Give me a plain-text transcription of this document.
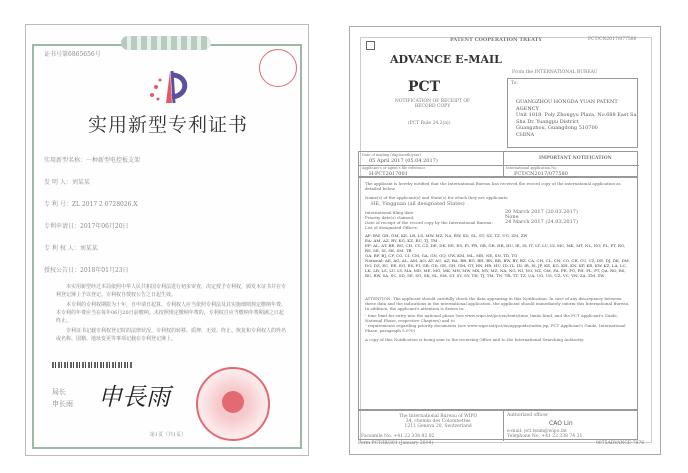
证书号第6865656号
实用新型专利证书
实用新型名称：一种新型电控板支架
发 明 人：刘某某
专 利 号：ZL 2017 2 0728026.X
专利申请日：2017年06月20日
专 利 权 人：刘某某
授权公告日：2018年01月23日
本实用新型经过本局依照中华人民共和国专利法进行初步审查，决定授予专利权，颁发本证书并在专利登记簿上予以登记。专利权自授权公告之日起生效。
本专利的专利权期限为十年，自申请日起算。专利权人应当依照专利法及其实施细则规定缴纳年费。本专利的年费应当在每年06月20日前缴纳。未按照规定缴纳年费的，专利权自应当缴纳年费期满之日起终止。
专利证书记载专利权登记时的法律状况。专利权的转移、质押、无效、终止、恢复和专利权人的姓名或名称、国籍、地址变更等事项记载在专利登记簿上。
局长
申长雨 申長雨
第1页（共1页）
PATENT COOPERATION TREATY	PCT/CN2017/077580
ADVANCE E-MAIL
From the INTERNATIONAL BUREAU
PCT
NOTIFICATION OF RECEIPT OF RECORD COPY
(PCT Rule 24.2(a))
To:
GUANGZHOU HONGDA YUAN PATENT AGENCY
Unit 1018, Poly Zhongyu Plaza, No.688 East Sa
Sha Dr. Yuangpu District
Guangzhou, Guangdong 510700
CHINA
Date of mailing (day/month/year)
05 April 2017 (05.04.2017)	IMPORTANT NOTIFICATION
Applicant's or agent's file reference
H-PCT2017001
International application No.
PCT/CN2017/077580
The applicant is hereby notified that the International Bureau has received the record copy of the international application as detailed below.
Name(s) of the applicant(s) and State(s) for which they are applicants:
HE, Yingguan (all designated States)
International filing date:	20 March 2017 (20.03.2017)
Priority date(s) claimed:	None
Date of receipt of the record copy by the International Bureau:	24 March 2017 (24.03.2017)
List of designated Offices:
AP: BW, GH, GM, KE, LR, LS, MW, MZ, NA, RW, SD, SL, ST, SZ, TZ, UG, ZM, ZW
EA: AM, AZ, BY, KG, KZ, RU, TJ, TM
EP: AL, AT, BE, BG, CH, CY, CZ, DE, DK, EE, ES, FI, FR, GB, GR, HR, HU, IE, IS, IT, LT, LU, LV, MC, MK, MT, NL, NO, PL, PT, RO, RS, SE, SI, SK, SM, TR
OA: BF, BJ, CF, CG, CI, CM, GA, GN, GQ, GW, KM, ML, MR, NE, SN, TD, TG
National: AE, AG, AL, AM, AO, AT, AU, AZ, BA, BB, BG, BH, BN, BR, BW, BY, BZ, CA, CH, CL, CN, CO, CR, CU, CZ, DE, DJ, DK, DM, DO, DZ, EC, EE, EG, ES, FI, GB, GD, GE, GH, GM, GT, HN, HR, HU, ID, IL, IN, IR, IS, JP, KE, KG, KH, KN, KP, KR, KW, KZ, LA, LC, LK, LR, LS, LU, LY, MA, MD, ME, MG, MK, MN, MW, MX, MY, MZ, NA, NG, NI, NO, NZ, OM, PA, PE, PG, PH, PL, PT, QA, RO, RS, RU, RW, SA, SC, SD, SE, SG, SK, SL, SM, ST, SV, SY, TH, TJ, TM, TN, TR, TT, TZ, UA, UG, US, UZ, VC, VN, ZA, ZM, ZW
ATTENTION: The applicant should carefully check the data appearing in this Notification. In case of any discrepancy between these data and the indications in the international application, the applicant should immediately inform this International Bureau. In addition, the applicant's attention is drawn to:
- time limit for entry into the national phase (see www.wipo.int/pct/en/texts/time_limits.html, and the PCT Applicant's Guide, National Phase, respective Chapters) and to
- requirements regarding priority documents (see www.wipo.int/pct/en/appguide/index.jsp, PCT Applicant's Guide, International Phase, paragraph 5.070)
A copy of this Notification is being sent to the receiving Office and to the International Searching Authority.
The International Bureau of WIPO
34, chemin des Colombettes
1211 Geneva 20, Switzerland
Facsimile No. +41 22 338 82 82
Authorized officer
CAO Lin
e-mail: pct.team@wipo.int
Telephone No. +41 22 338 74 31
Form PCT/IB/301 (January 2014)	0075ADVANCE-7876
